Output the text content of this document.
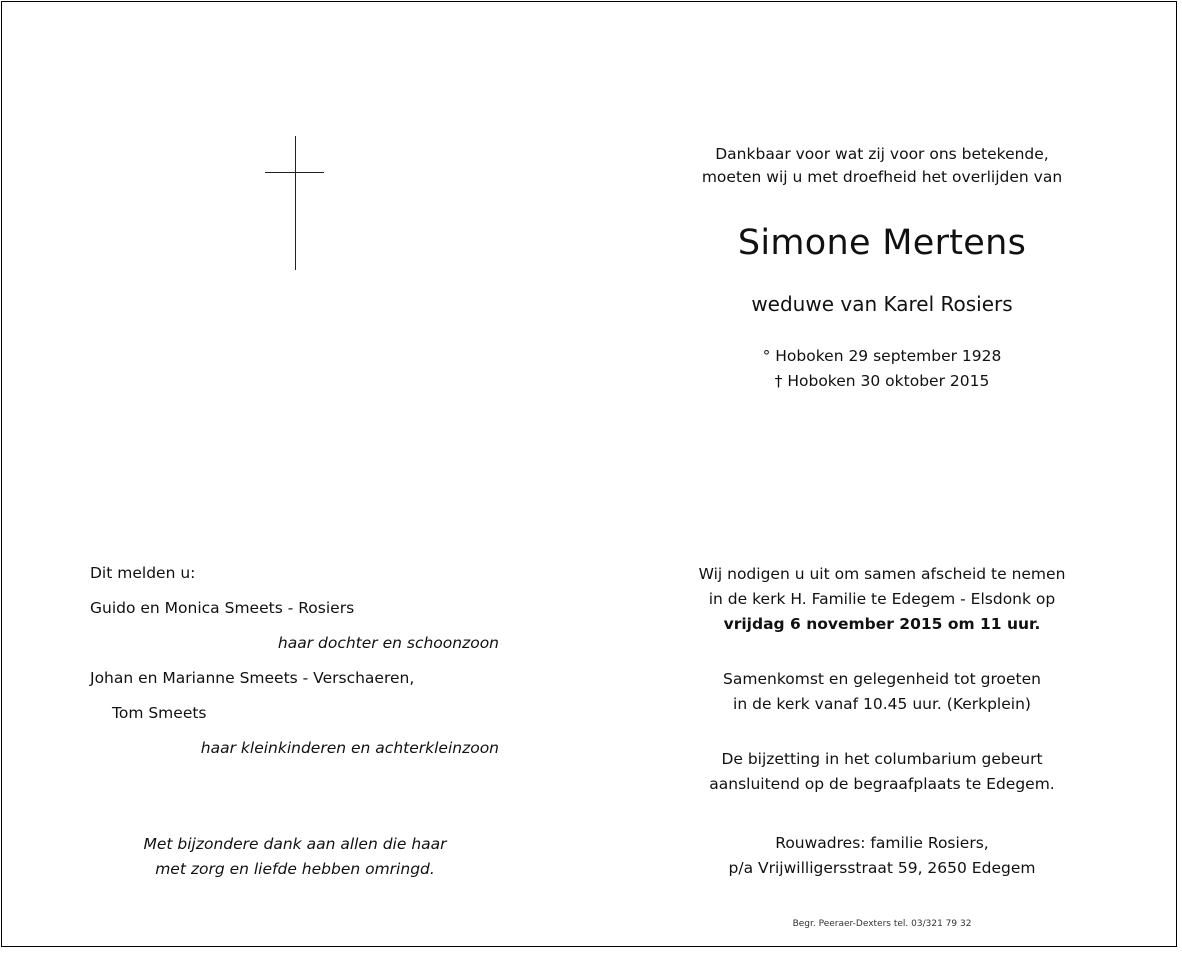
Dankbaar voor wat zij voor ons betekende,
moeten wij u met droefheid het overlijden van
Simone Mertens
weduwe van Karel Rosiers
° Hoboken 29 september 1928
† Hoboken 30 oktober 2015
Dit melden u:
Guido en Monica Smeets - Rosiers
haar dochter en schoonzoon
Johan en Marianne Smeets - Verschaeren,
Tom Smeets
haar kleinkinderen en achterkleinzoon
Met bijzondere dank aan allen die haar
met zorg en liefde hebben omringd.
Wij nodigen u uit om samen afscheid te nemen
in de kerk H. Familie te Edegem - Elsdonk op
vrijdag 6 november 2015 om 11 uur.
Samenkomst en gelegenheid tot groeten
in de kerk vanaf 10.45 uur. (Kerkplein)
De bijzetting in het columbarium gebeurt
aansluitend op de begraafplaats te Edegem.
Rouwadres: familie Rosiers,
p/a Vrijwilligersstraat 59, 2650 Edegem
Begr. Peeraer-Dexters tel. 03/321 79 32
